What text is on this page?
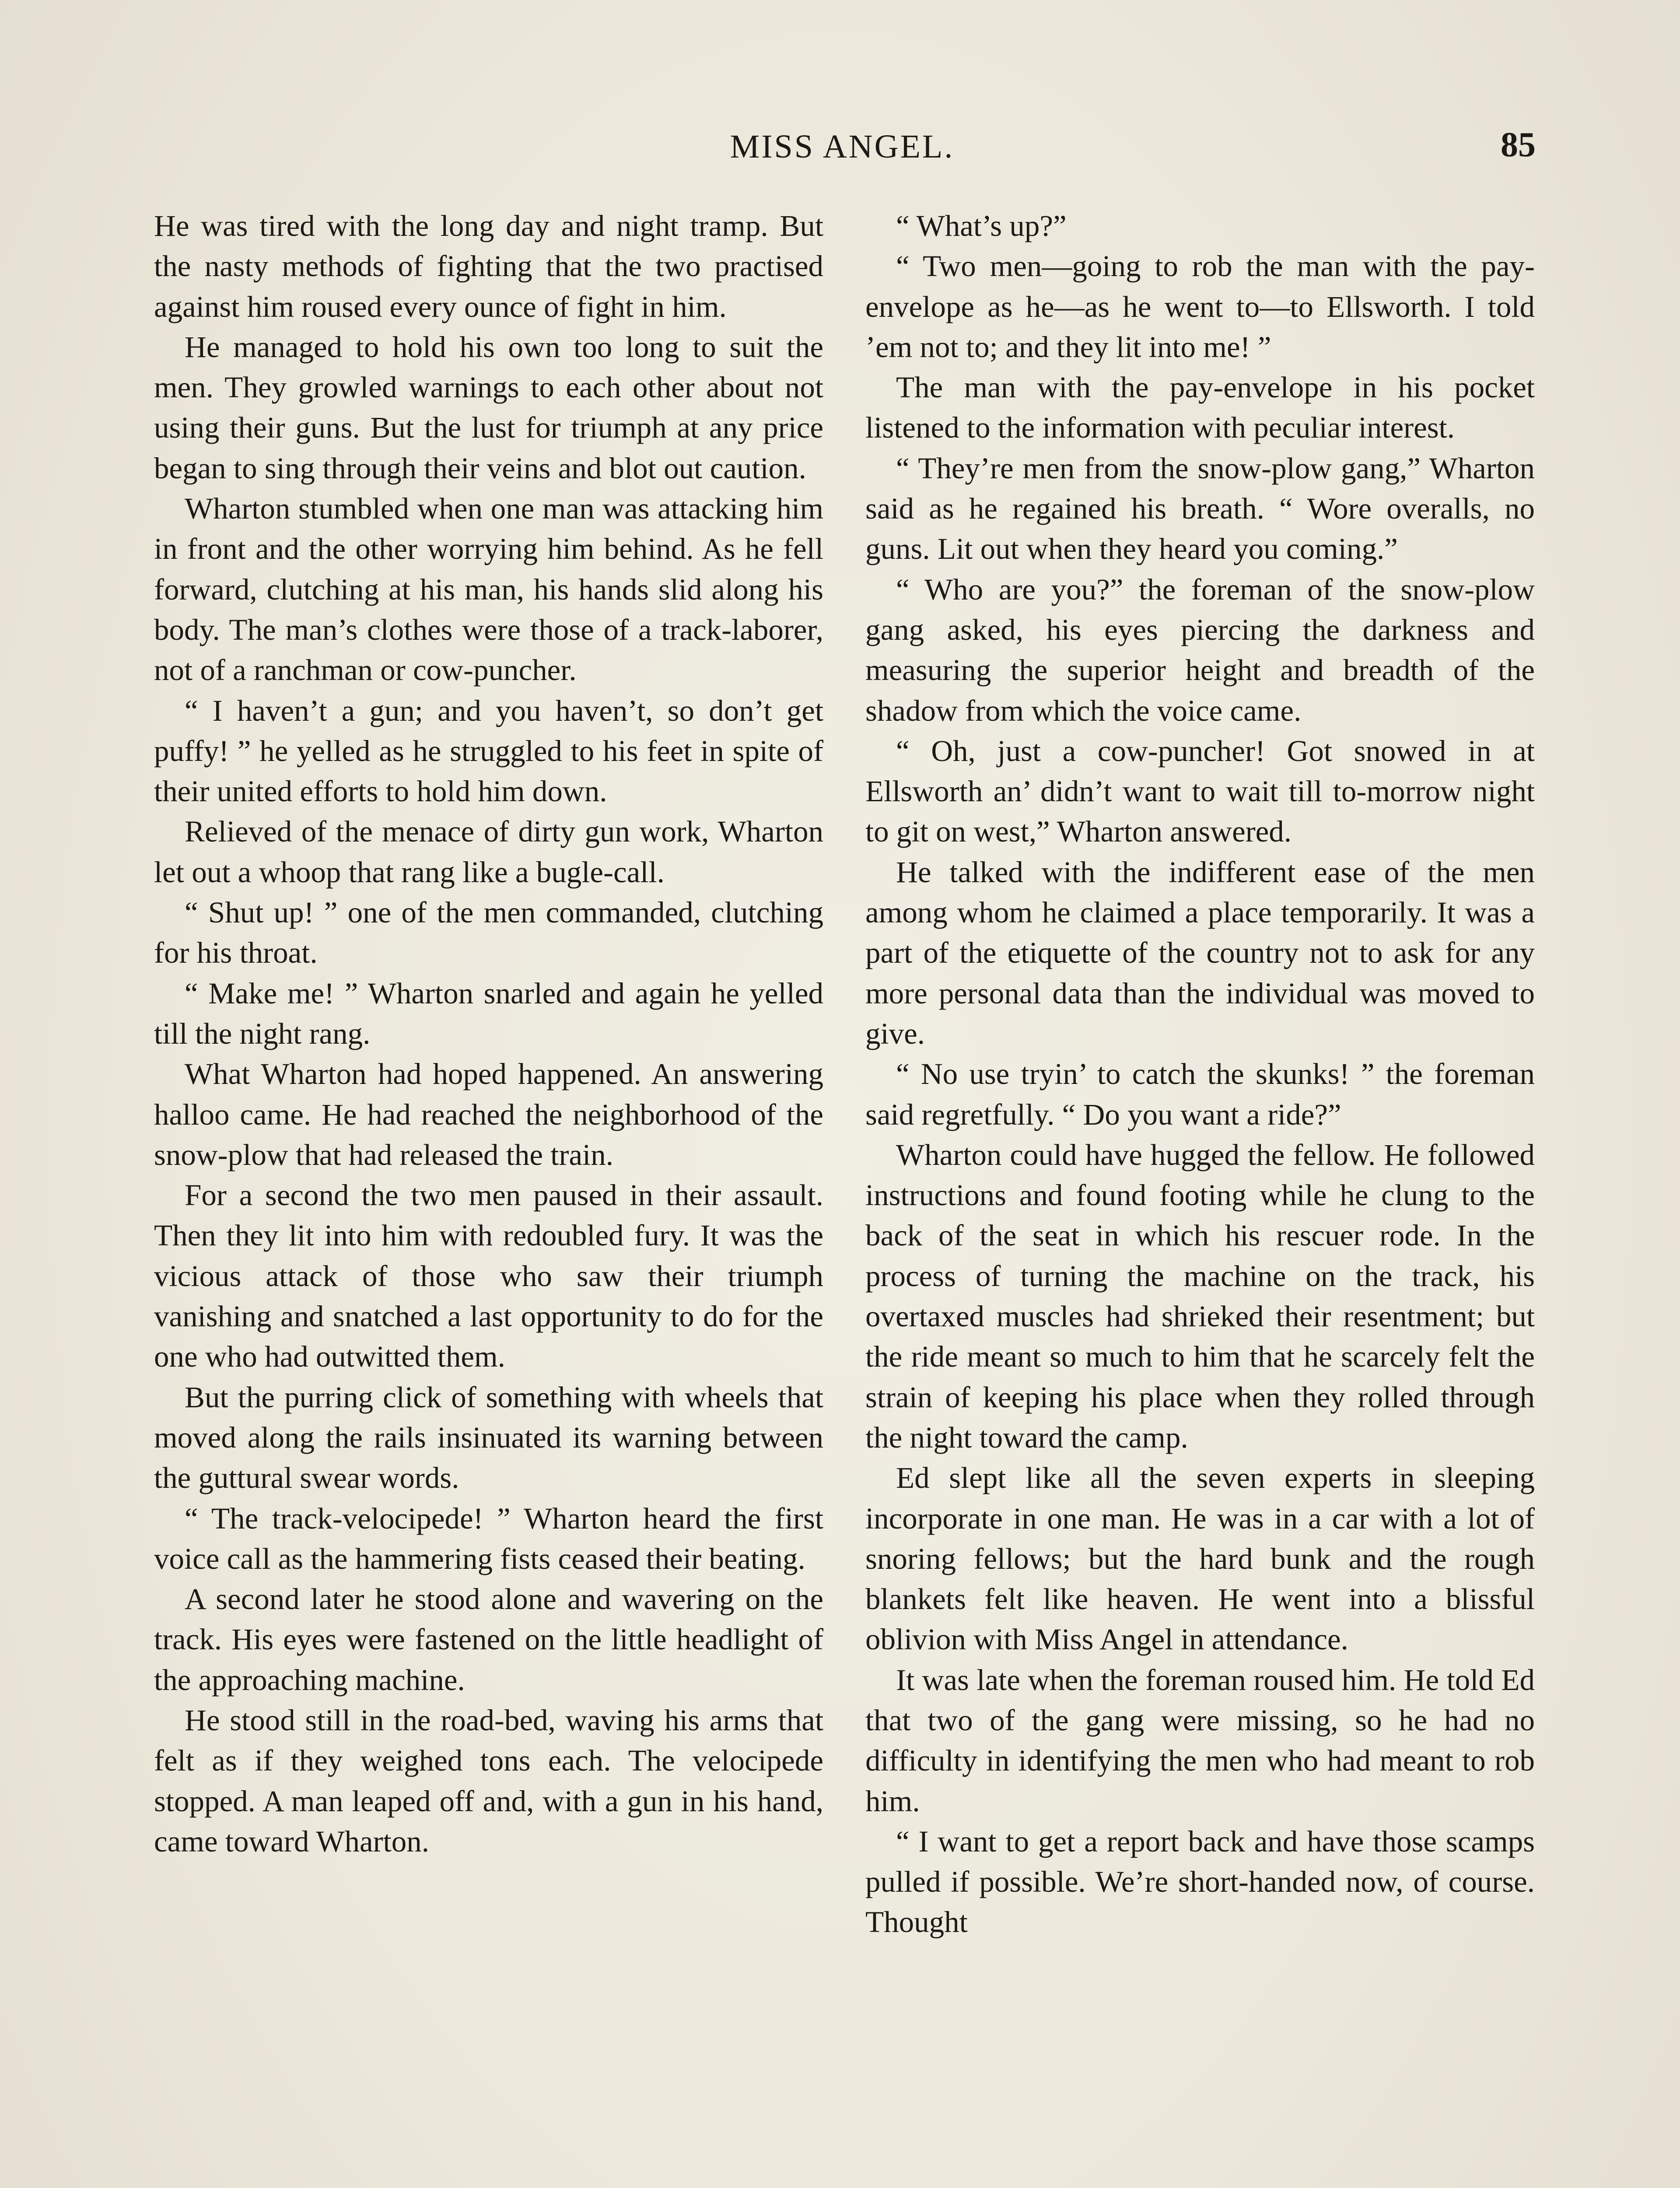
MISS ANGEL.	85

He was tired with the long day and night tramp. But the nasty methods of fighting that the two practised against him roused every ounce of fight in him.

He managed to hold his own too long to suit the men. They growled warnings to each other about not using their guns. But the lust for triumph at any price began to sing through their veins and blot out caution.

Wharton stumbled when one man was attacking him in front and the other worrying him behind. As he fell forward, clutching at his man, his hands slid along his body. The man’s clothes were those of a track-laborer, not of a ranchman or cow-puncher.

“ I haven’t a gun; and you haven’t, so don’t get puffy! ” he yelled as he struggled to his feet in spite of their united efforts to hold him down.

Relieved of the menace of dirty gun work, Wharton let out a whoop that rang like a bugle-call.

“ Shut up! ” one of the men commanded, clutching for his throat.

“ Make me! ” Wharton snarled and again he yelled till the night rang.

What Wharton had hoped happened. An answering halloo came. He had reached the neighborhood of the snow-plow that had released the train.

For a second the two men paused in their assault. Then they lit into him with redoubled fury. It was the vicious attack of those who saw their triumph vanishing and snatched a last opportunity to do for the one who had outwitted them.

But the purring click of something with wheels that moved along the rails insinuated its warning between the guttural swear words.

“ The track-velocipede! ” Wharton heard the first voice call as the hammering fists ceased their beating.

A second later he stood alone and wavering on the track. His eyes were fastened on the little headlight of the approaching machine.

He stood still in the road-bed, waving his arms that felt as if they weighed tons each. The velocipede stopped. A man leaped off and, with a gun in his hand, came toward Wharton.

“ What’s up?”

“ Two men—going to rob the man with the pay-envelope as he—as he went to—to Ellsworth. I told ’em not to; and they lit into me! ”

The man with the pay-envelope in his pocket listened to the information with peculiar interest.

“ They’re men from the snow-plow gang,” Wharton said as he regained his breath. “ Wore overalls, no guns. Lit out when they heard you coming.”

“ Who are you?” the foreman of the snow-plow gang asked, his eyes piercing the darkness and measuring the superior height and breadth of the shadow from which the voice came.

“ Oh, just a cow-puncher! Got snowed in at Ellsworth an’ didn’t want to wait till to-morrow night to git on west,” Wharton answered.

He talked with the indifferent ease of the men among whom he claimed a place temporarily. It was a part of the etiquette of the country not to ask for any more personal data than the individual was moved to give.

“ No use tryin’ to catch the skunks! ” the foreman said regretfully. “ Do you want a ride?”

Wharton could have hugged the fellow. He followed instructions and found footing while he clung to the back of the seat in which his rescuer rode. In the process of turning the machine on the track, his overtaxed muscles had shrieked their resentment; but the ride meant so much to him that he scarcely felt the strain of keeping his place when they rolled through the night toward the camp.

Ed slept like all the seven experts in sleeping incorporate in one man. He was in a car with a lot of snoring fellows; but the hard bunk and the rough blankets felt like heaven. He went into a blissful oblivion with Miss Angel in attendance.

It was late when the foreman roused him. He told Ed that two of the gang were missing, so he had no difficulty in identifying the men who had meant to rob him.

“ I want to get a report back and have those scamps pulled if possible. We’re short-handed now, of course. Thought
